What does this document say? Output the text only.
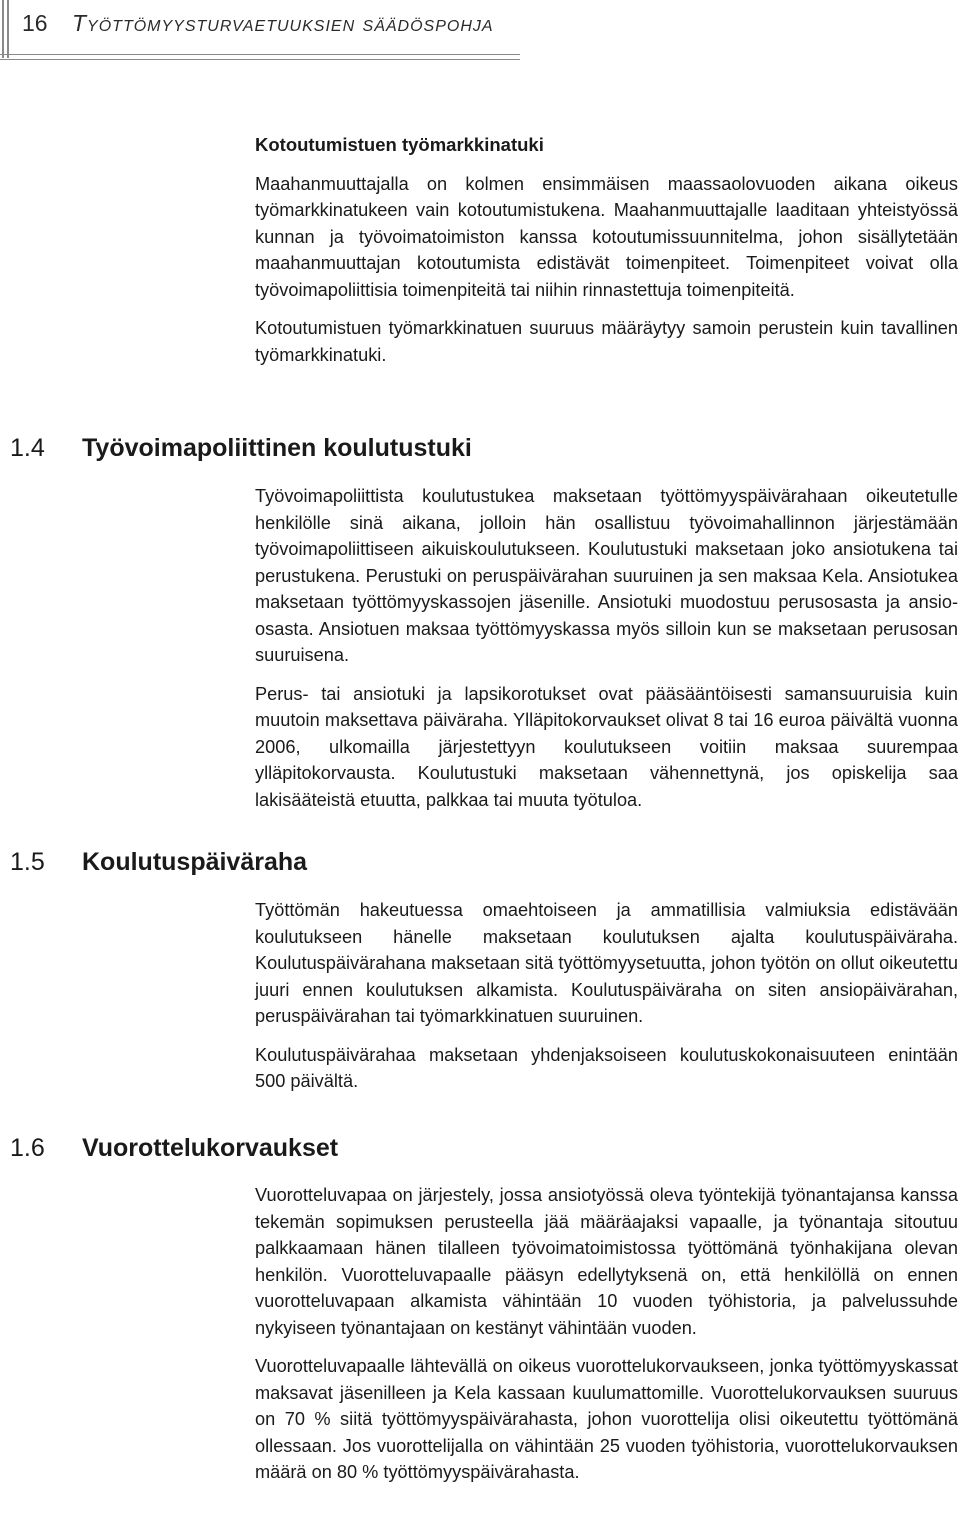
16 Työttömyysturvaetuuksien säädöspohja
Kotoutumistuen työmarkkinatuki

Maahanmuuttajalla on kolmen ensimmäisen maassaolovuoden aikana oikeus työmarkkinatukeen vain kotoutumistukena. Maahanmuuttajalle laaditaan yhteistyössä kunnan ja työvoimatoimiston kanssa kotoutumissuunnitelma, johon sisällytetään maahanmuuttajan kotoutumista edistävät toimenpiteet. Toimenpiteet voivat olla työvoimapoliittisia toimenpiteitä tai niihin rinnastettuja toimenpiteitä.

Kotoutumistuen työmarkkinatuen suuruus määräytyy samoin perustein kuin tavallinen työmarkkinatuki.

1.4 Työvoimapoliittinen koulutustuki

Työvoimapoliittista koulutustukea maksetaan työttömyyspäivärahaan oikeutetulle henkilölle sinä aikana, jolloin hän osallistuu työvoimahallinnon järjestämään työvoimapoliittiseen aikuiskoulutukseen. Koulutustuki maksetaan joko ansiotukena tai perustukena. Perustuki on peruspäivärahan suuruinen ja sen maksaa Kela. Ansiotukea maksetaan työttömyyskassojen jäsenille. Ansiotuki muodostuu perusosasta ja ansio-osasta. Ansiotuen maksaa työttömyyskassa myös silloin kun se maksetaan perusosan suuruisena.

Perus- tai ansiotuki ja lapsikorotukset ovat pääsääntöisesti samansuuruisia kuin muutoin maksettava päiväraha. Ylläpitokorvaukset olivat 8 tai 16 euroa päivältä vuonna 2006, ulkomailla järjestettyyn koulutukseen voitiin maksaa suurempaa ylläpitokorvausta. Koulutustuki maksetaan vähennettynä, jos opiskelija saa lakisääteistä etuutta, palkkaa tai muuta työtuloa.

1.5 Koulutuspäiväraha

Työttömän hakeutuessa omaehtoiseen ja ammatillisia valmiuksia edistävään koulutukseen hänelle maksetaan koulutuksen ajalta koulutuspäiväraha. Koulutuspäivärahana maksetaan sitä työttömyysetuutta, johon työtön on ollut oikeutettu juuri ennen koulutuksen alkamista. Koulutuspäiväraha on siten ansiopäivärahan, peruspäivärahan tai työmarkkinatuen suuruinen.

Koulutuspäivärahaa maksetaan yhdenjaksoiseen koulutuskokonaisuuteen enintään 500 päivältä.

1.6 Vuorottelukorvaukset

Vuorotteluvapaa on järjestely, jossa ansiotyössä oleva työntekijä työnantajansa kanssa tekemän sopimuksen perusteella jää määräajaksi vapaalle, ja työnantaja sitoutuu palkkaamaan hänen tilalleen työvoimatoimistossa työttömänä työnhakijana olevan henkilön. Vuorotteluvapaalle pääsyn edellytyksenä on, että henkilöllä on ennen vuorotteluvapaan alkamista vähintään 10 vuoden työhistoria, ja palvelussuhde nykyiseen työnantajaan on kestänyt vähintään vuoden.

Vuorotteluvapaalle lähtevällä on oikeus vuorottelukorvaukseen, jonka työttömyyskassat maksavat jäsenilleen ja Kela kassaan kuulumattomille. Vuorottelukorvauksen suuruus on 70 % siitä työttömyyspäivärahasta, johon vuorottelija olisi oikeutettu työttömänä ollessaan. Jos vuorottelijalla on vähintään 25 vuoden työhistoria, vuorottelukorvauksen määrä on 80 % työttömyyspäivärahasta.
